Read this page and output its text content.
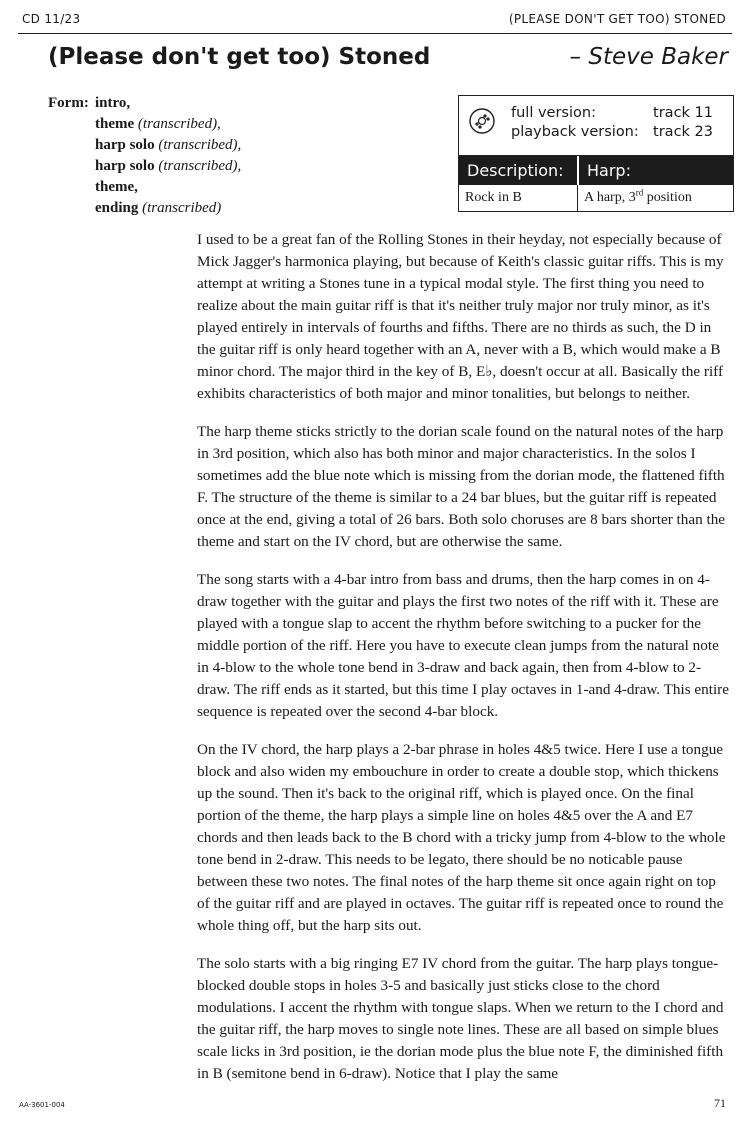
CD 11/23	(PLEASE DON'T GET TOO) STONED
(Please don't get too) Stoned	– Steve Baker
Form: intro,
theme (transcribed),
harp solo (transcribed),
harp solo (transcribed),
theme,
ending (transcribed)
full version:	track 11
playback version: track 23
Description:	Harp:
Rock in B	A harp, 3rd position

I used to be a great fan of the Rolling Stones in their heyday, not especially because of Mick Jagger's harmonica playing, but because of Keith's classic guitar riffs. This is my attempt at writing a Stones tune in a typical modal style. The first thing you need to realize about the main guitar riff is that it's neither truly major nor truly minor, as it's played entirely in intervals of fourths and fifths. There are no thirds as such, the D in the guitar riff is only heard together with an A, never with a B, which would make a B minor chord. The major third in the key of B, E♭, doesn't occur at all. Basically the riff exhibits characteristics of both major and minor tonalities, but belongs to neither.

The harp theme sticks strictly to the dorian scale found on the natural notes of the harp in 3rd position, which also has both minor and major characteristics. In the solos I sometimes add the blue note which is missing from the dorian mode, the flattened fifth F. The structure of the theme is similar to a 24 bar blues, but the guitar riff is repeated once at the end, giving a total of 26 bars. Both solo choruses are 8 bars shorter than the theme and start on the IV chord, but are otherwise the same.

The song starts with a 4-bar intro from bass and drums, then the harp comes in on 4-draw together with the guitar and plays the first two notes of the riff with it. These are played with a tongue slap to accent the rhythm before switching to a pucker for the middle portion of the riff. Here you have to execute clean jumps from the natural note in 4-blow to the whole tone bend in 3-draw and back again, then from 4-blow to 2-draw. The riff ends as it started, but this time I play octaves in 1-and 4-draw. This entire sequence is repeated over the second 4-bar block.

On the IV chord, the harp plays a 2-bar phrase in holes 4&5 twice. Here I use a tongue block and also widen my embouchure in order to create a double stop, which thickens up the sound. Then it's back to the original riff, which is played once. On the final portion of the theme, the harp plays a simple line on holes 4&5 over the A and E7 chords and then leads back to the B chord with a tricky jump from 4-blow to the whole tone bend in 2-draw. This needs to be legato, there should be no noticable pause between these two notes. The final notes of the harp theme sit once again right on top of the guitar riff and are played in octaves. The guitar riff is repeated once to round the whole thing off, but the harp sits out.

The solo starts with a big ringing E7 IV chord from the guitar. The harp plays tongue-blocked double stops in holes 3-5 and basically just sticks close to the chord modulations. I accent the rhythm with tongue slaps. When we return to the I chord and the guitar riff, the harp moves to single note lines. These are all based on simple blues scale licks in 3rd position, ie the dorian mode plus the blue note F, the diminished fifth in B (semitone bend in 6-draw). Notice that I play the same

AA-3601-004	71
